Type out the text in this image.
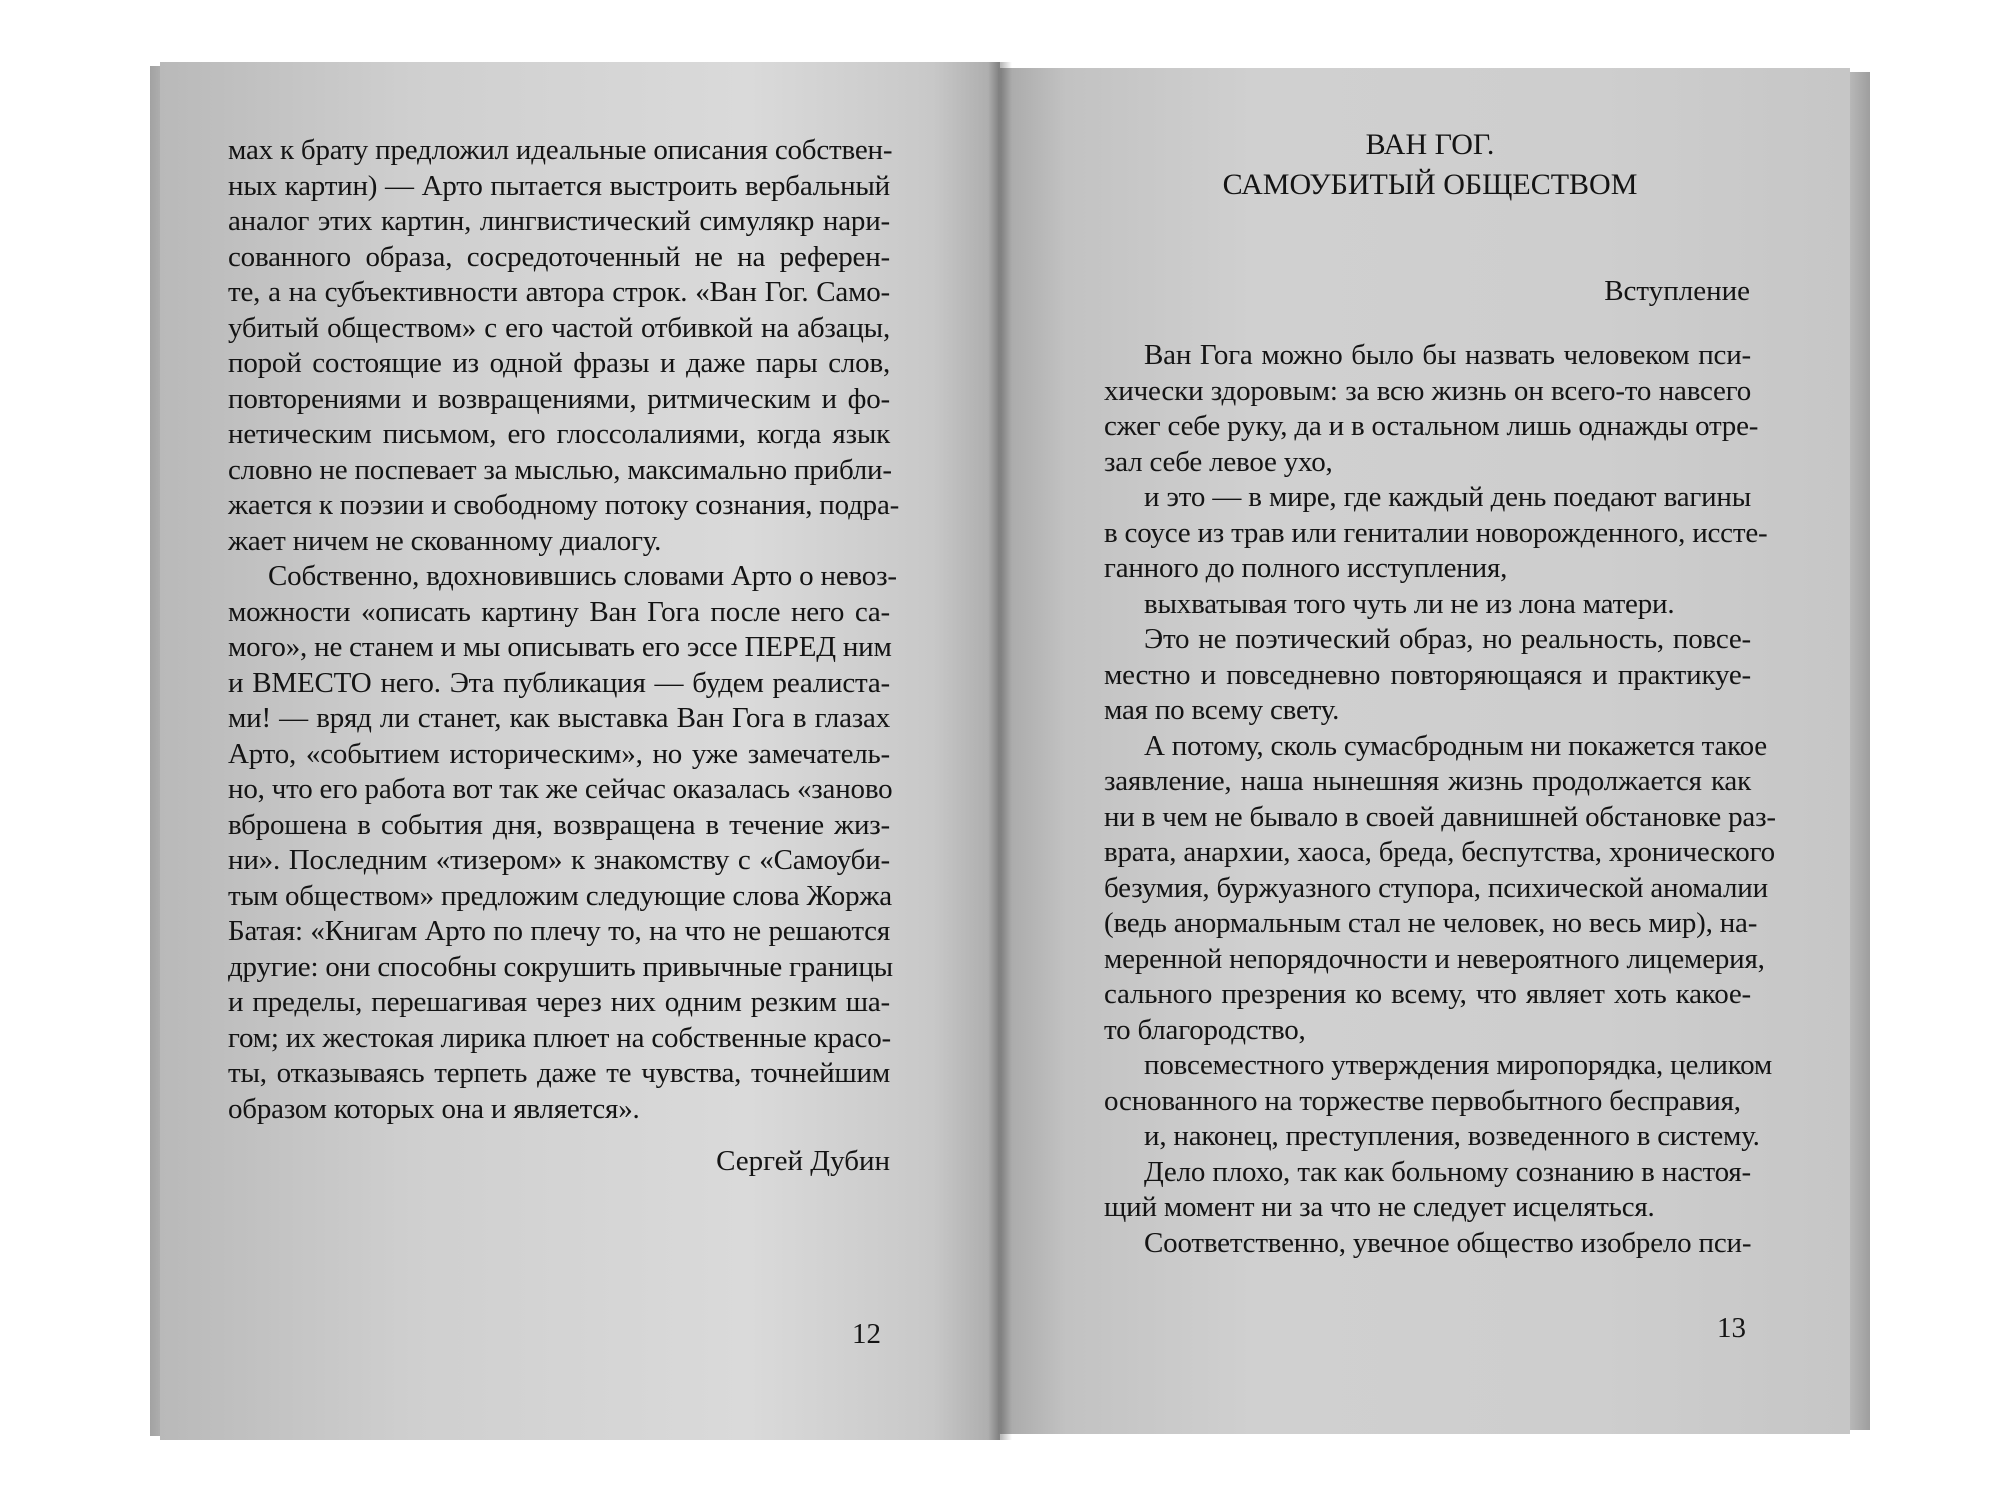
мах к брату предложил идеальные описания собствен-
ных картин) — Арто пытается выстроить вербальный
аналог этих картин, лингвистический симулякр нари-
сованного образа, сосредоточенный не на референ-
те, а на субъективности автора строк. «Ван Гог. Само-
убитый обществом» с его частой отбивкой на абзацы,
порой состоящие из одной фразы и даже пары слов,
повторениями и возвращениями, ритмическим и фо-
нетическим письмом, его глоссолалиями, когда язык
словно не поспевает за мыслью, максимально прибли-
жается к поэзии и свободному потоку сознания, подра-
жает ничем не скованному диалогу.
Собственно, вдохновившись словами Арто о невоз-
можности «описать картину Ван Гога после него са-
мого», не станем и мы описывать его эссе ПЕРЕД ним
и ВМЕСТО него. Эта публикация — будем реалиста-
ми! — вряд ли станет, как выставка Ван Гога в глазах
Арто, «событием историческим», но уже замечатель-
но, что его работа вот так же сейчас оказалась «заново
вброшена в события дня, возвращена в течение жиз-
ни». Последним «тизером» к знакомству с «Самоуби-
тым обществом» предложим следующие слова Жоржа
Батая: «Книгам Арто по плечу то, на что не решаются
другие: они способны сокрушить привычные границы
и пределы, перешагивая через них одним резким ша-
гом; их жестокая лирика плюет на собственные красо-
ты, отказываясь терпеть даже те чувства, точнейшим
образом которых она и является».
Сергей Дубин
12
ВАН ГОГ.
САМОУБИТЫЙ ОБЩЕСТВОМ
Вступление
Ван Гога можно было бы назвать человеком пси-
хически здоровым: за всю жизнь он всего-то навсего
сжег себе руку, да и в остальном лишь однажды отре-
зал себе левое ухо,
и это — в мире, где каждый день поедают вагины
в соусе из трав или гениталии новорожденного, исстe-
ганного до полного исступления,
выхватывая того чуть ли не из лона матери.
Это не поэтический образ, но реальность, повсе-
местно и повседневно повторяющаяся и практикуе-
мая по всему свету.
А потому, сколь сумасбродным ни покажется такое
заявление, наша нынешняя жизнь продолжается как
ни в чем не бывало в своей давнишней обстановке раз-
врата, анархии, хаоса, бреда, беспутства, хронического
безумия, буржуазного ступора, психической аномалии
(ведь анормальным стал не человек, но весь мир), на-
меренной непорядочности и невероятного лицемерия,
сального презрения ко всему, что являет хоть какое-
то благородство,
повсеместного утверждения миропорядка, целиком
основанного на торжестве первобытного бесправия,
и, наконец, преступления, возведенного в систему.
Дело плохо, так как больному сознанию в настоя-
щий момент ни за что не следует исцеляться.
Соответственно, увечное общество изобрело пси-
13
